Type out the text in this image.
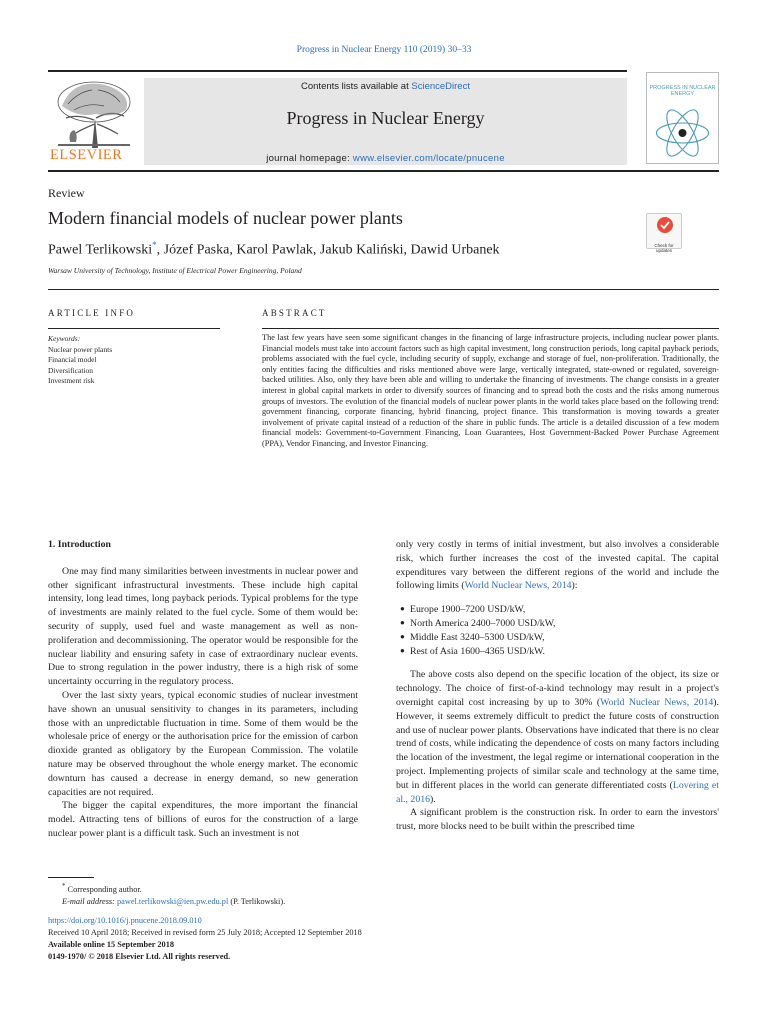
Progress in Nuclear Energy 110 (2019) 30–33
ELSEVIER
Contents lists available at ScienceDirect
Progress in Nuclear Energy
journal homepage: www.elsevier.com/locate/pnucene
PROGRESS IN NUCLEAR ENERGY
Review
Modern financial models of nuclear power plants
Pawel Terlikowski*, Józef Paska, Karol Pawlak, Jakub Kaliński, Dawid Urbanek
Warsaw University of Technology, Institute of Electrical Power Engineering, Poland
Check for updates
ARTICLE INFO	ABSTRACT
Keywords:
Nuclear power plants
Financial model
Diversification
Investment risk
The last few years have seen some significant changes in the financing of large infrastructure projects, including nuclear power plants. Financial models must take into account factors such as high capital investment, long construction periods, long capital payback periods, problems associated with the fuel cycle, including security of supply, exchange and storage of fuel, non-proliferation. Traditionally, the only entities facing the difficulties and risks mentioned above were large, vertically integrated, state-owned or regulated, sovereign-backed utilities. Also, only they have been able and willing to undertake the financing of investments. The change consists in a greater interest in global capital markets in order to diversify sources of financing and to spread both the costs and the risks among numerous groups of investors. The evolution of the financial models of nuclear power plants in the world takes place based on the following trend: government financing, corporate financing, hybrid financing, project finance. This transformation is moving towards a greater involvement of private capital instead of a reduction of the share in public funds. The article is a detailed discussion of a few modern financial models: Government-to-Government Financing, Loan Guarantees, Host Government-Backed Power Purchase Agreement (PPA), Vendor Financing, and Investor Financing.
1. Introduction

One may find many similarities between investments in nuclear power and other significant infrastructural investments. These include high capital intensity, long lead times, long payback periods. Typical problems for the type of investments are mainly related to the fuel cycle. Some of them would be: security of supply, used fuel and waste management as well as non-proliferation and decommissioning. The operator would be responsible for the nuclear liability and ensuring safety in case of extraordinary nuclear events. Due to strong regulation in the power industry, there is a high risk of some uncertainty occurring in the regulatory process.

Over the last sixty years, typical economic studies of nuclear investment have shown an unusual sensitivity to changes in its parameters, including those with an unpredictable fluctuation in time. Some of them would be the wholesale price of energy or the authorisation price for the emission of carbon dioxide granted as obligatory by the European Commission. The volatile nature may be observed throughout the whole energy market. The economic downturn has caused a decrease in energy demand, so new generation capacities are not required.

The bigger the capital expenditures, the more important the financial model. Attracting tens of billions of euros for the construction of a large nuclear power plant is a difficult task. Such an investment is not

only very costly in terms of initial investment, but also involves a considerable risk, which further increases the cost of the invested capital. The capital expenditures vary between the different regions of the world and include the following limits (World Nuclear News, 2014):

● Europe 1900–7200 USD/kW,
● North America 2400–7000 USD/kW,
● Middle East 3240–5300 USD/kW,
● Rest of Asia 1600–4365 USD/kW.

The above costs also depend on the specific location of the object, its size or technology. The choice of first-of-a-kind technology may result in a project's overnight capital cost increasing by up to 30% (World Nuclear News, 2014). However, it seems extremely difficult to predict the future costs of construction and use of nuclear power plants. Observations have indicated that there is no clear trend of costs, while indicating the dependence of costs on many factors including the location of the investment, the legal regime or international cooperation in the project. Implementing projects of similar scale and technology at the same time, but in different places in the world can generate differentiated costs (Lovering et al., 2016).

A significant problem is the construction risk. In order to earn the investors' trust, more blocks need to be built within the prescribed time

* Corresponding author.
E-mail address: pawel.terlikowski@ien.pw.edu.pl (P. Terlikowski).
https://doi.org/10.1016/j.pnucene.2018.09.010
Received 10 April 2018; Received in revised form 25 July 2018; Accepted 12 September 2018
Available online 15 September 2018
0149-1970/ © 2018 Elsevier Ltd. All rights reserved.
